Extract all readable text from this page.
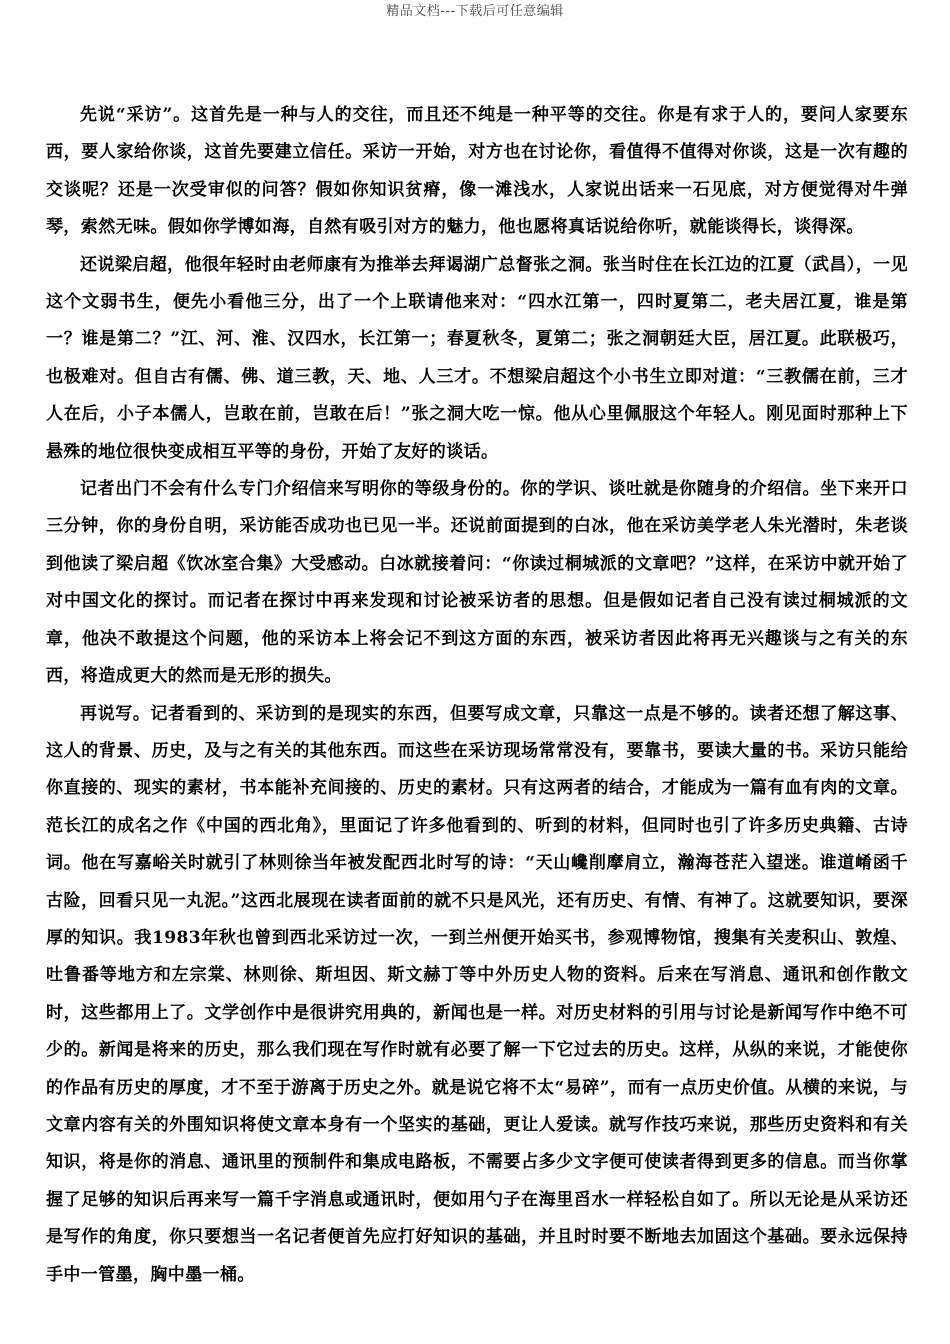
精品文档---下载后可任意编辑

先说“采访”。这首先是一种与人的交往，而且还不纯是一种平等的交往。你是有求于人的，要问人家要东西，要人家给你谈，这首先要建立信任。采访一开始，对方也在讨论你，看值得不值得对你谈，这是一次有趣的交谈呢？还是一次受审似的问答？假如你知识贫瘠，像一滩浅水，人家说出话来一石见底，对方便觉得对牛弹琴，索然无味。假如你学博如海，自然有吸引对方的魅力，他也愿将真话说给你听，就能谈得长，谈得深。

还说梁启超，他很年轻时由老师康有为推举去拜谒湖广总督张之洞。张当时住在长江边的江夏（武昌），一见这个文弱书生，便先小看他三分，出了一个上联请他来对：“四水江第一，四时夏第二，老夫居江夏，谁是第一？谁是第二？”江、河、淮、汉四水，长江第一；春夏秋冬，夏第二；张之洞朝廷大臣，居江夏。此联极巧，也极难对。但自古有儒、佛、道三教，天、地、人三才。不想梁启超这个小书生立即对道：“三教儒在前，三才人在后，小子本儒人，岂敢在前，岂敢在后！”张之洞大吃一惊。他从心里佩服这个年轻人。刚见面时那种上下悬殊的地位很快变成相互平等的身份，开始了友好的谈话。

记者出门不会有什么专门介绍信来写明你的等级身份的。你的学识、谈吐就是你随身的介绍信。坐下来开口三分钟，你的身份自明，采访能否成功也已见一半。还说前面提到的白冰，他在采访美学老人朱光潜时，朱老谈到他读了梁启超《饮冰室合集》大受感动。白冰就接着问：“你读过桐城派的文章吧？”这样，在采访中就开始了对中国文化的探讨。而记者在探讨中再来发现和讨论被采访者的思想。但是假如记者自己没有读过桐城派的文章，他决不敢提这个问题，他的采访本上将会记不到这方面的东西，被采访者因此将再无兴趣谈与之有关的东西，将造成更大的然而是无形的损失。

再说写。记者看到的、采访到的是现实的东西，但要写成文章，只靠这一点是不够的。读者还想了解这事、这人的背景、历史，及与之有关的其他东西。而这些在采访现场常常没有，要靠书，要读大量的书。采访只能给你直接的、现实的素材，书本能补充间接的、历史的素材。只有这两者的结合，才能成为一篇有血有肉的文章。范长江的成名之作《中国的西北角》，里面记了许多他看到的、听到的材料，但同时也引了许多历史典籍、古诗词。他在写嘉峪关时就引了林则徐当年被发配西北时写的诗：“天山巉削摩肩立，瀚海苍茫入望迷。谁道崤函千古险，回看只见一丸泥。”这西北展现在读者面前的就不只是风光，还有历史、有情、有神了。这就要知识，要深厚的知识。我1983年秋也曾到西北采访过一次，一到兰州便开始买书，参观博物馆，搜集有关麦积山、敦煌、吐鲁番等地方和左宗棠、林则徐、斯坦因、斯文赫丁等中外历史人物的资料。后来在写消息、通讯和创作散文时，这些都用上了。文学创作中是很讲究用典的，新闻也是一样。对历史材料的引用与讨论是新闻写作中绝不可少的。新闻是将来的历史，那么我们现在写作时就有必要了解一下它过去的历史。这样，从纵的来说，才能使你的作品有历史的厚度，才不至于游离于历史之外。就是说它将不太“易碎”，而有一点历史价值。从横的来说，与文章内容有关的外围知识将使文章本身有一个坚实的基础，更让人爱读。就写作技巧来说，那些历史资料和有关知识，将是你的消息、通讯里的预制件和集成电路板，不需要占多少文字便可使读者得到更多的信息。而当你掌握了足够的知识后再来写一篇千字消息或通讯时，便如用勺子在海里舀水一样轻松自如了。所以无论是从采访还是写作的角度，你只要想当一名记者便首先应打好知识的基础，并且时时要不断地去加固这个基础。要永远保持手中一管墨，胸中墨一桶。
